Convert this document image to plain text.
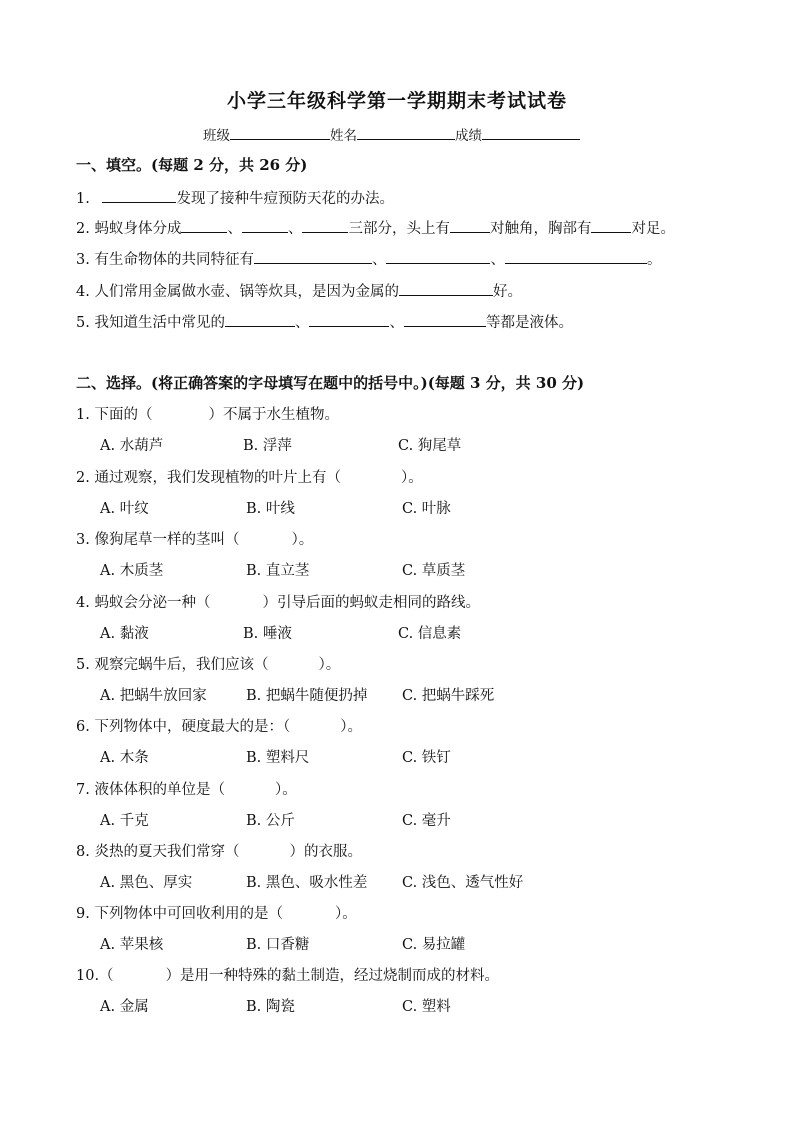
小学三年级科学第一学期期末考试试卷
班级	姓名	成绩
一、填空。(每题 2 分，共 26 分)
1.	发现了接种牛痘预防天花的办法。
2. 蚂蚁身体分成	、	、	三部分，头上有	对触角，胸部有	对足。
3. 有生命物体的共同特征有	、	、	。
4. 人们常用金属做水壶、锅等炊具，是因为金属的	好。
5. 我知道生活中常见的	、	、	等都是液体。
二、选择。(将正确答案的字母填写在题中的括号中。)(每题 3 分，共 30 分)
1. 下面的（	）不属于水生植物。
A. 水葫芦	B. 浮萍	C. 狗尾草
2. 通过观察，我们发现植物的叶片上有（	）。
A. 叶纹	B. 叶线	C. 叶脉
3. 像狗尾草一样的茎叫（	）。
A. 木质茎	B. 直立茎	C. 草质茎
4. 蚂蚁会分泌一种（	）引导后面的蚂蚁走相同的路线。
A. 黏液	B. 唾液	C. 信息素
5. 观察完蜗牛后，我们应该（	）。
A. 把蜗牛放回家	B. 把蜗牛随便扔掉 C. 把蜗牛踩死
6. 下列物体中，硬度最大的是：（	）。
A. 木条	B. 塑料尺	C. 铁钉
7. 液体体积的单位是（	）。
A. 千克	B. 公斤	C. 毫升
8. 炎热的夏天我们常穿（	）的衣服。
A. 黑色、厚实	B. 黑色、吸水性差 C. 浅色、透气性好
9. 下列物体中可回收利用的是（	）。
A. 苹果核	B. 口香糖	C. 易拉罐
10.（	）是用一种特殊的黏土制造，经过烧制而成的材料。
A. 金属	B. 陶瓷	C. 塑料
